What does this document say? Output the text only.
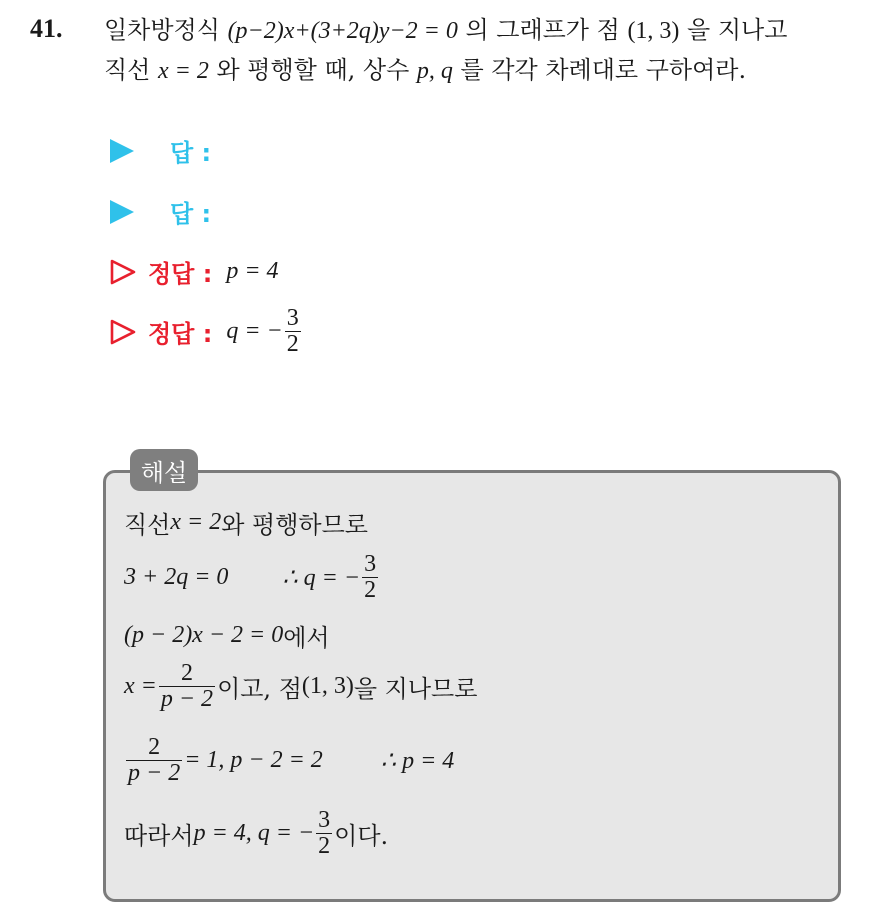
41. 일차방정식 (p−2)x+(3+2q)y−2 = 0 의 그래프가 점 (1, 3) 을 지나고
직선 x = 2 와 평행할 때, 상수 p, q 를 각각 차례대로 구하여라.
답 :
답 :
정답 : p = 4
정답 : q = − $\frac{3}{2}$
해설
직선 x = 2 와 평행하므로
3 + 2q = 0 ∴ q = − $\frac{3}{2}$
(p − 2)x − 2 = 0 에서
$x = \frac{2}{p - 2}$ 이고, 점 (1, 3) 을 지나므로
$\frac{2}{p - 2} = 1$, p − 2 = 2 ∴ p = 4
따라서 p = 4, q = − $\frac{3}{2}$ 이다.
